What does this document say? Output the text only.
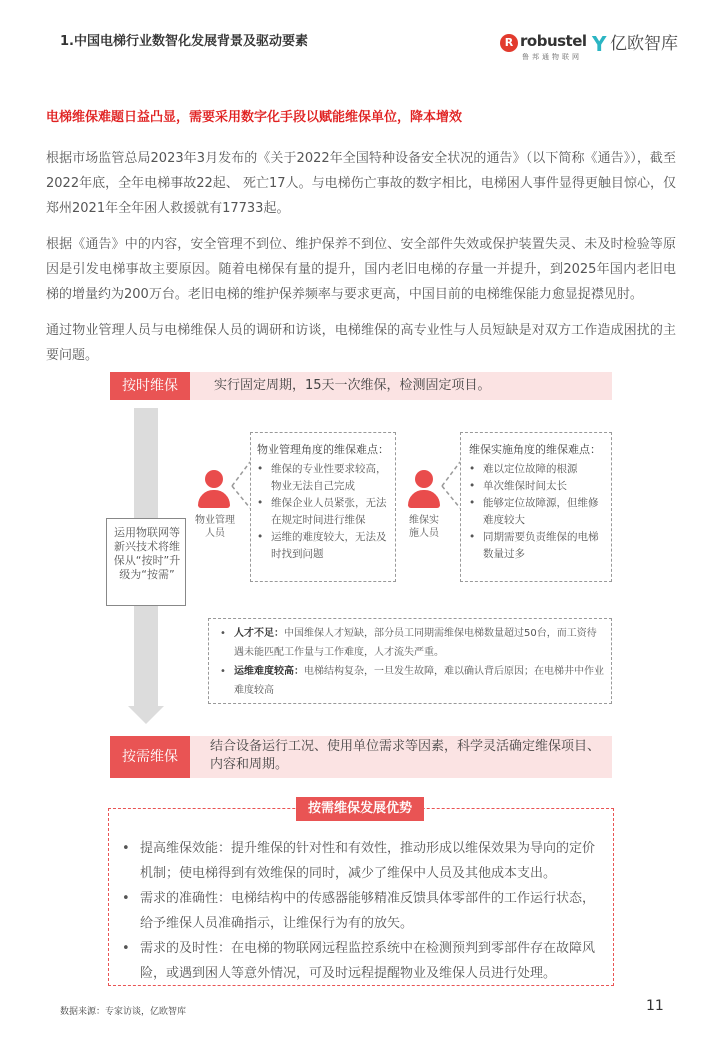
1.中国电梯行业数智化发展背景及驱动要素	R robustel
鲁邦通物联网
Y 亿欧智库
电梯维保难题日益凸显，需要采用数字化手段以赋能维保单位，降本增效
根据市场监管总局2023年3月发布的《关于2022年全国特种设备安全状况的通告》（以下简称《通告》），截至2022年底，全年电梯事故22起、 死亡17人。与电梯伤亡事故的数字相比，电梯困人事件显得更触目惊心，仅郑州2021年全年困人救援就有17733起。
根据《通告》中的内容，安全管理不到位、维护保养不到位、安全部件失效或保护装置失灵、未及时检验等原因是引发电梯事故主要原因。随着电梯保有量的提升，国内老旧电梯的存量一并提升，到2025年国内老旧电梯的增量约为200万台。老旧电梯的维护保养频率与要求更高，中国目前的电梯维保能力愈显捉襟见肘。
通过物业管理人员与电梯维保人员的调研和访谈，电梯维保的高专业性与人员短缺是对双方工作造成困扰的主要问题。
按时维保	实行固定周期，15天一次维保，检测固定项目。
运用物联网等新兴技术将维保从“按时”升级为“按需”
物业管理人员
维保实施人员
物业管理角度的维保难点：
• 维保的专业性要求较高，物业无法自己完成
• 维保企业人员紧张，无法在规定时间进行维保
• 运维的难度较大，无法及时找到问题
维保实施角度的维保难点：
• 难以定位故障的根源
• 单次维保时间太长
• 能够定位故障源，但维修难度较大
• 同期需要负责维保的电梯数量过多
• 人才不足：中国维保人才短缺，部分员工同期需维保电梯数量超过50台，而工资待遇未能匹配工作量与工作难度，人才流失严重。
• 运维难度较高：电梯结构复杂，一旦发生故障，难以确认背后原因；在电梯井中作业难度较高
按需维保
结合设备运行工况、使用单位需求等因素，科学灵活确定维保项目、内容和周期。
按需维保发展优势
• 提高维保效能：提升维保的针对性和有效性，推动形成以维保效果为导向的定价机制；使电梯得到有效维保的同时，减少了维保中人员及其他成本支出。
• 需求的准确性：电梯结构中的传感器能够精准反馈具体零部件的工作运行状态，给予维保人员准确指示，让维保行为有的放矢。
• 需求的及时性：在电梯的物联网远程监控系统中在检测预判到零部件存在故障风险，或遇到困人等意外情况，可及时远程提醒物业及维保人员进行处理。
数据来源：专家访谈，亿欧智库	11
